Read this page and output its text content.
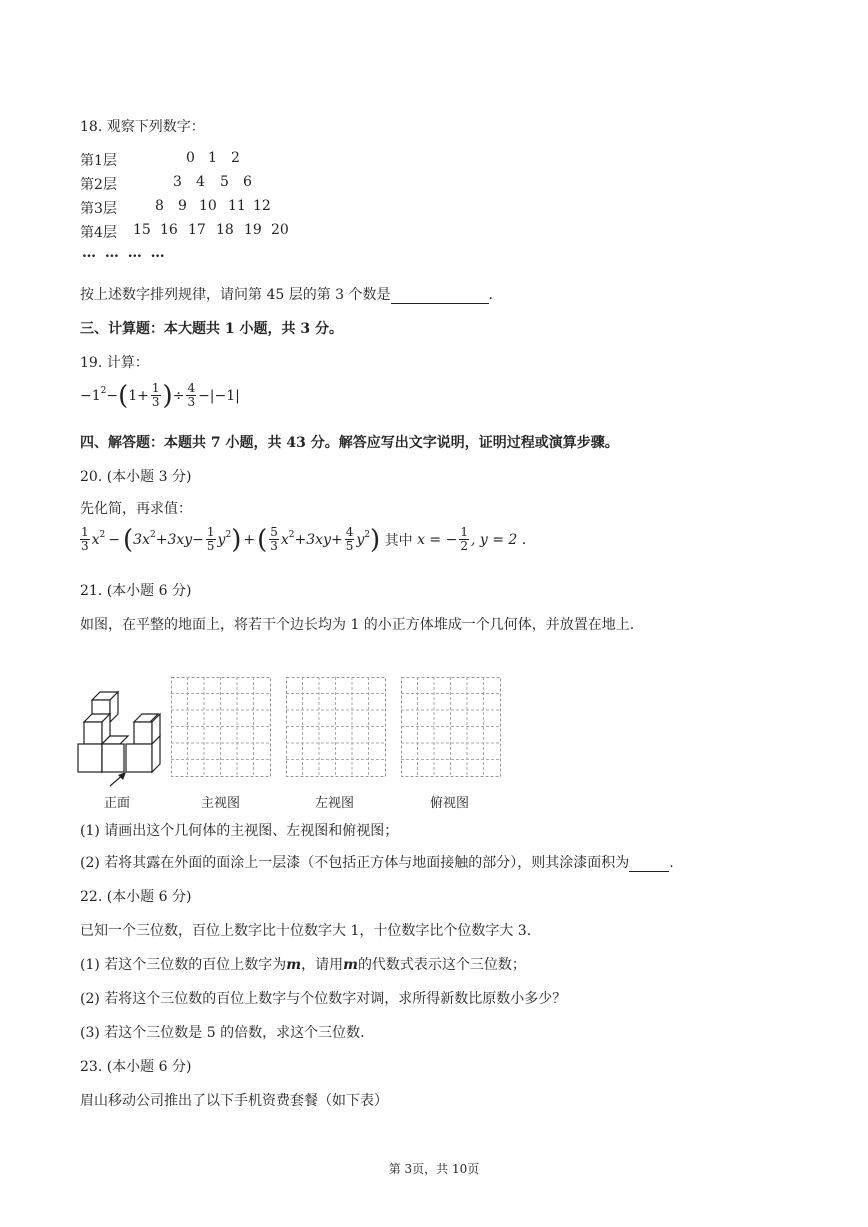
18. 观察下列数字：
第1层	0 1 2
第2层	3 4 5 6
第3层	8 9 10 11 12
第4层 15 16 17 18 19 20
… … … …
按上述数字排列规律，请问第 45 层的第 3 个数是	.
三、计算题：本大题共 1 小题，共 3 分。
19. 计算：
$-1^2$ − ( $1+ \frac{1}{3}$ ) ÷ $\frac{4}{3} -|-1|$
四、解答题：本题共 7 小题，共 43 分。解答应写出文字说明，证明过程或演算步骤。
20. (本小题 3 分)
先化简，再求值：
$\frac{1}{3} x^2$ − ( $3x^2 +3xy- \frac{1}{5} y^2$ ) + ( $\frac{5}{3} x^2 +3xy+ \frac{4}{5} y^2$ ) 其中 x = − $\frac{1}{2}$ , y = 2 .
21. (本小题 6 分)
如图，在平整的地面上，将若干个边长均为 1 的小正方体堆成一个几何体，并放置在地上.
正面	主视图	左视图	俯视图
(1) 请画出这个几何体的主视图、左视图和俯视图；
(2) 若将其露在外面的面涂上一层漆（不包括正方体与地面接触的部分），则其涂漆面积为	.
22. (本小题 6 分)
已知一个三位数，百位上数字比十位数字大 1，十位数字比个位数字大 3.
(1) 若这个三位数的百位上数字为m，请用m的代数式表示这个三位数；
(2) 若将这个三位数的百位上数字与个位数字对调，求所得新数比原数小多少？
(3) 若这个三位数是 5 的倍数，求这个三位数.
23. (本小题 6 分)
眉山移动公司推出了以下手机资费套餐（如下表）
第 3页，共 10页
